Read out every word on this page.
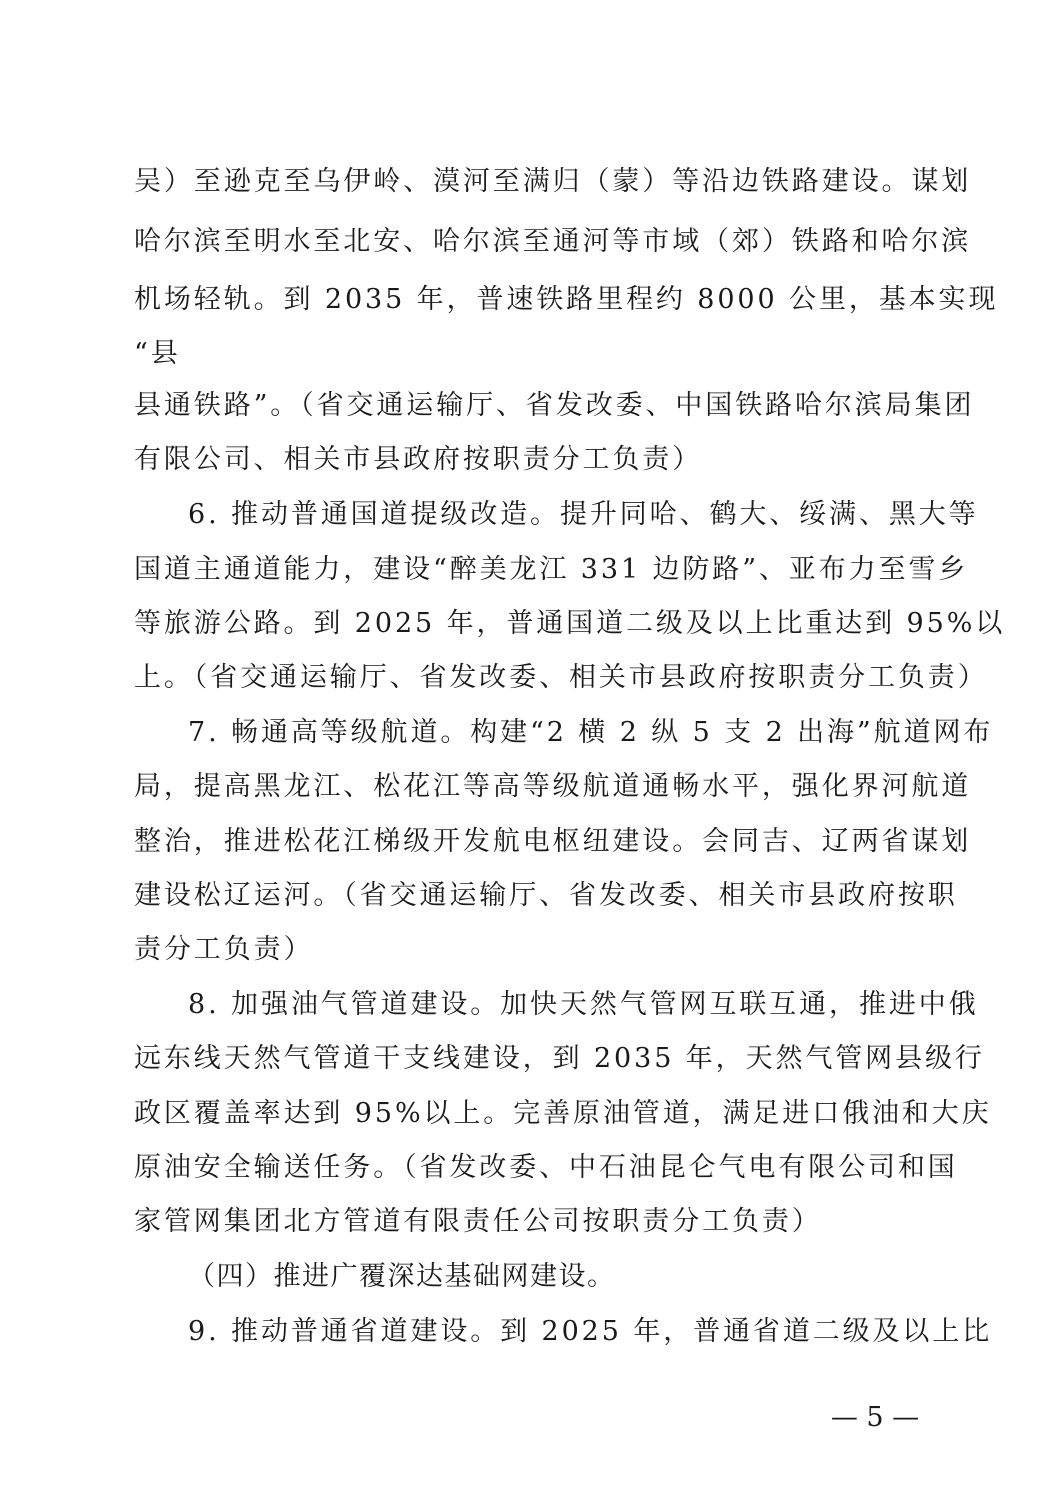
吴）至逊克至乌伊岭、漠河至满归（蒙）等沿边铁路建设。谋划
哈尔滨至明水至北安、哈尔滨至通河等市域（郊）铁路和哈尔滨
机场轻轨。到 2035 年，普速铁路里程约 8000 公里，基本实现
“县
县通铁路”。（省交通运输厅、省发改委、中国铁路哈尔滨局集团
有限公司、相关市县政府按职责分工负责）
6. 推动普通国道提级改造。提升同哈、鹤大、绥满、黑大等
国道主通道能力，建设“醉美龙江 331 边防路”、亚布力至雪乡
等旅游公路。到 2025 年，普通国道二级及以上比重达到 95%以
上。（省交通运输厅、省发改委、相关市县政府按职责分工负责）
7. 畅通高等级航道。构建“2 横 2 纵 5 支 2 出海”航道网布
局，提高黑龙江、松花江等高等级航道通畅水平，强化界河航道
整治，推进松花江梯级开发航电枢纽建设。会同吉、辽两省谋划
建设松辽运河。（省交通运输厅、省发改委、相关市县政府按职
责分工负责）
8. 加强油气管道建设。加快天然气管网互联互通，推进中俄
远东线天然气管道干支线建设，到 2035 年，天然气管网县级行
政区覆盖率达到 95%以上。完善原油管道，满足进口俄油和大庆
原油安全输送任务。（省发改委、中石油昆仑气电有限公司和国
家管网集团北方管道有限责任公司按职责分工负责）
（四）推进广覆深达基础网建设。
9. 推动普通省道建设。到 2025 年，普通省道二级及以上比
— 5 —
